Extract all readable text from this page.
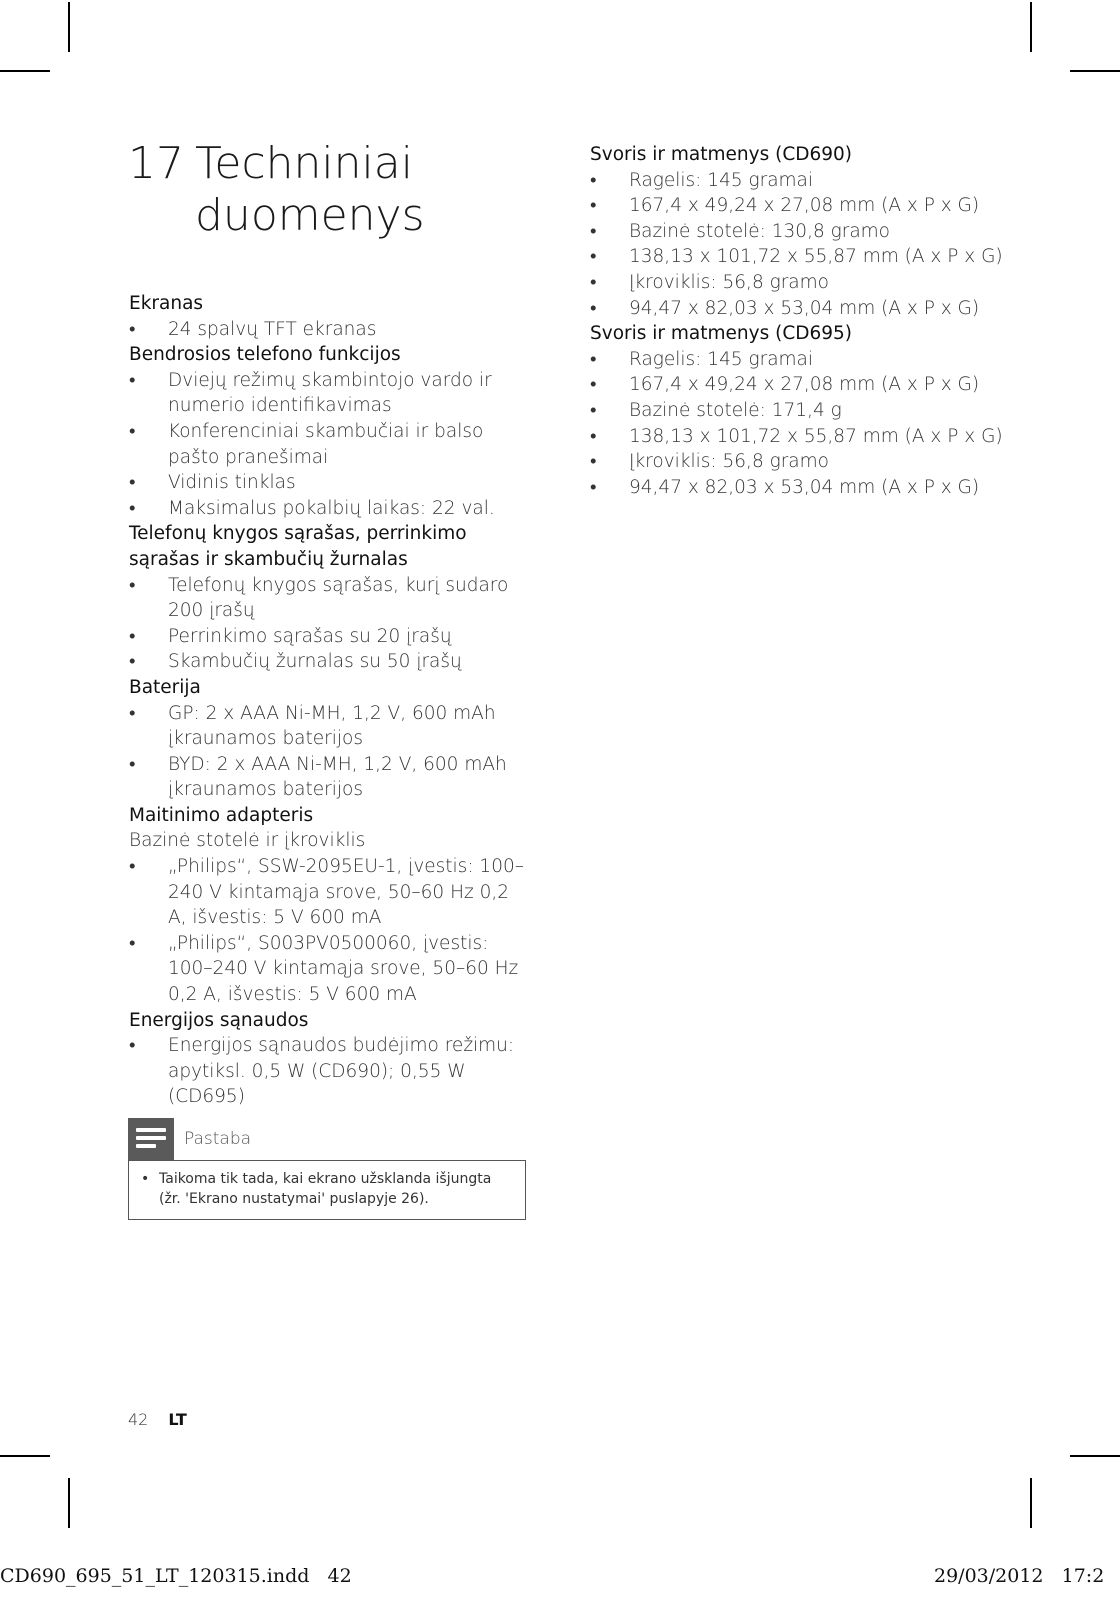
17 Techniniai duomenys
Ekranas
• 24 spalvų TFT ekranas
Bendrosios telefono funkcijos
• Dviejų režimų skambintojo vardo ir numerio identifikavimas
• Konferenciniai skambučiai ir balso pašto pranešimai
• Vidinis tinklas
• Maksimalus pokalbių laikas: 22 val.
Telefonų knygos sąrašas, perrinkimo sąrašas ir skambučių žurnalas
• Telefonų knygos sąrašas, kurį sudaro 200 įrašų
• Perrinkimo sąrašas su 20 įrašų
• Skambučių žurnalas su 50 įrašų
Baterija
• GP: 2 x AAA Ni-MH, 1,2 V, 600 mAh įkraunamos baterijos
• BYD: 2 x AAA Ni-MH, 1,2 V, 600 mAh įkraunamos baterijos
Maitinimo adapteris
Bazinė stotelė ir įkroviklis
• „Philips“, SSW-2095EU-1, įvestis: 100–240 V kintamąja srove, 50–60 Hz 0,2 A, išvestis: 5 V 600 mA
• „Philips“, S003PV0500060, įvestis: 100–240 V kintamąja srove, 50–60 Hz 0,2 A, išvestis: 5 V 600 mA
Energijos sąnaudos
• Energijos sąnaudos budėjimo režimu: apytiksl. 0,5 W (CD690); 0,55 W (CD695)
Svoris ir matmenys (CD690)
• Ragelis: 145 gramai
• 167,4 x 49,24 x 27,08 mm (A x P x G)
• Bazinė stotelė: 130,8 gramo
• 138,13 x 101,72 x 55,87 mm (A x P x G)
• Įkroviklis: 56,8 gramo
• 94,47 x 82,03 x 53,04 mm (A x P x G)
Svoris ir matmenys (CD695)
• Ragelis: 145 gramai
• 167,4 x 49,24 x 27,08 mm (A x P x G)
• Bazinė stotelė: 171,4 g
• 138,13 x 101,72 x 55,87 mm (A x P x G)
• Įkroviklis: 56,8 gramo
• 94,47 x 82,03 x 53,04 mm (A x P x G)
Pastaba
• Taikoma tik tada, kai ekrano užsklanda išjungta (žr. 'Ekrano nustatymai' puslapyje 26).
42 LT
CD690_695_51_LT_120315.indd   42	29/03/2012   17:2
